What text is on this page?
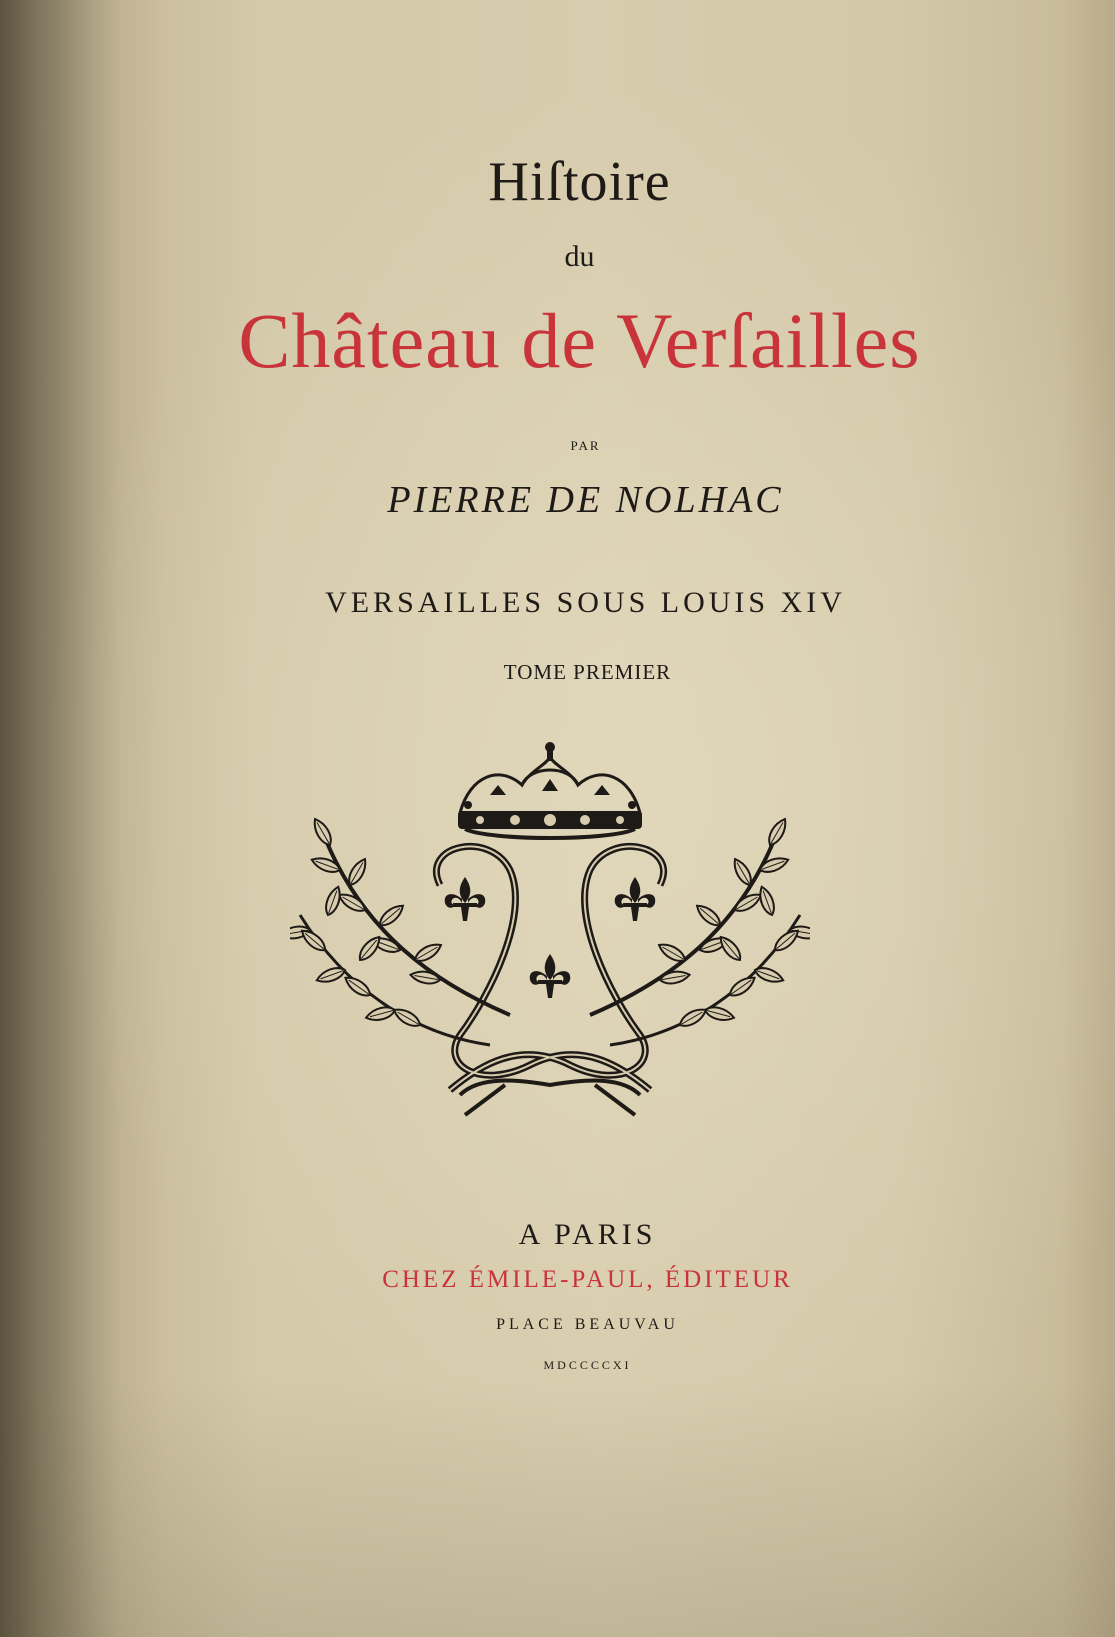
Hiſtoire
du
Château de Verſailles
PAR
PIERRE DE NOLHAC
VERSAILLES SOUS LOUIS XIV
TOME PREMIER
A PARIS
CHEZ ÉMILE-PAUL, ÉDITEUR
PLACE BEAUVAU
MDCCCCXI
